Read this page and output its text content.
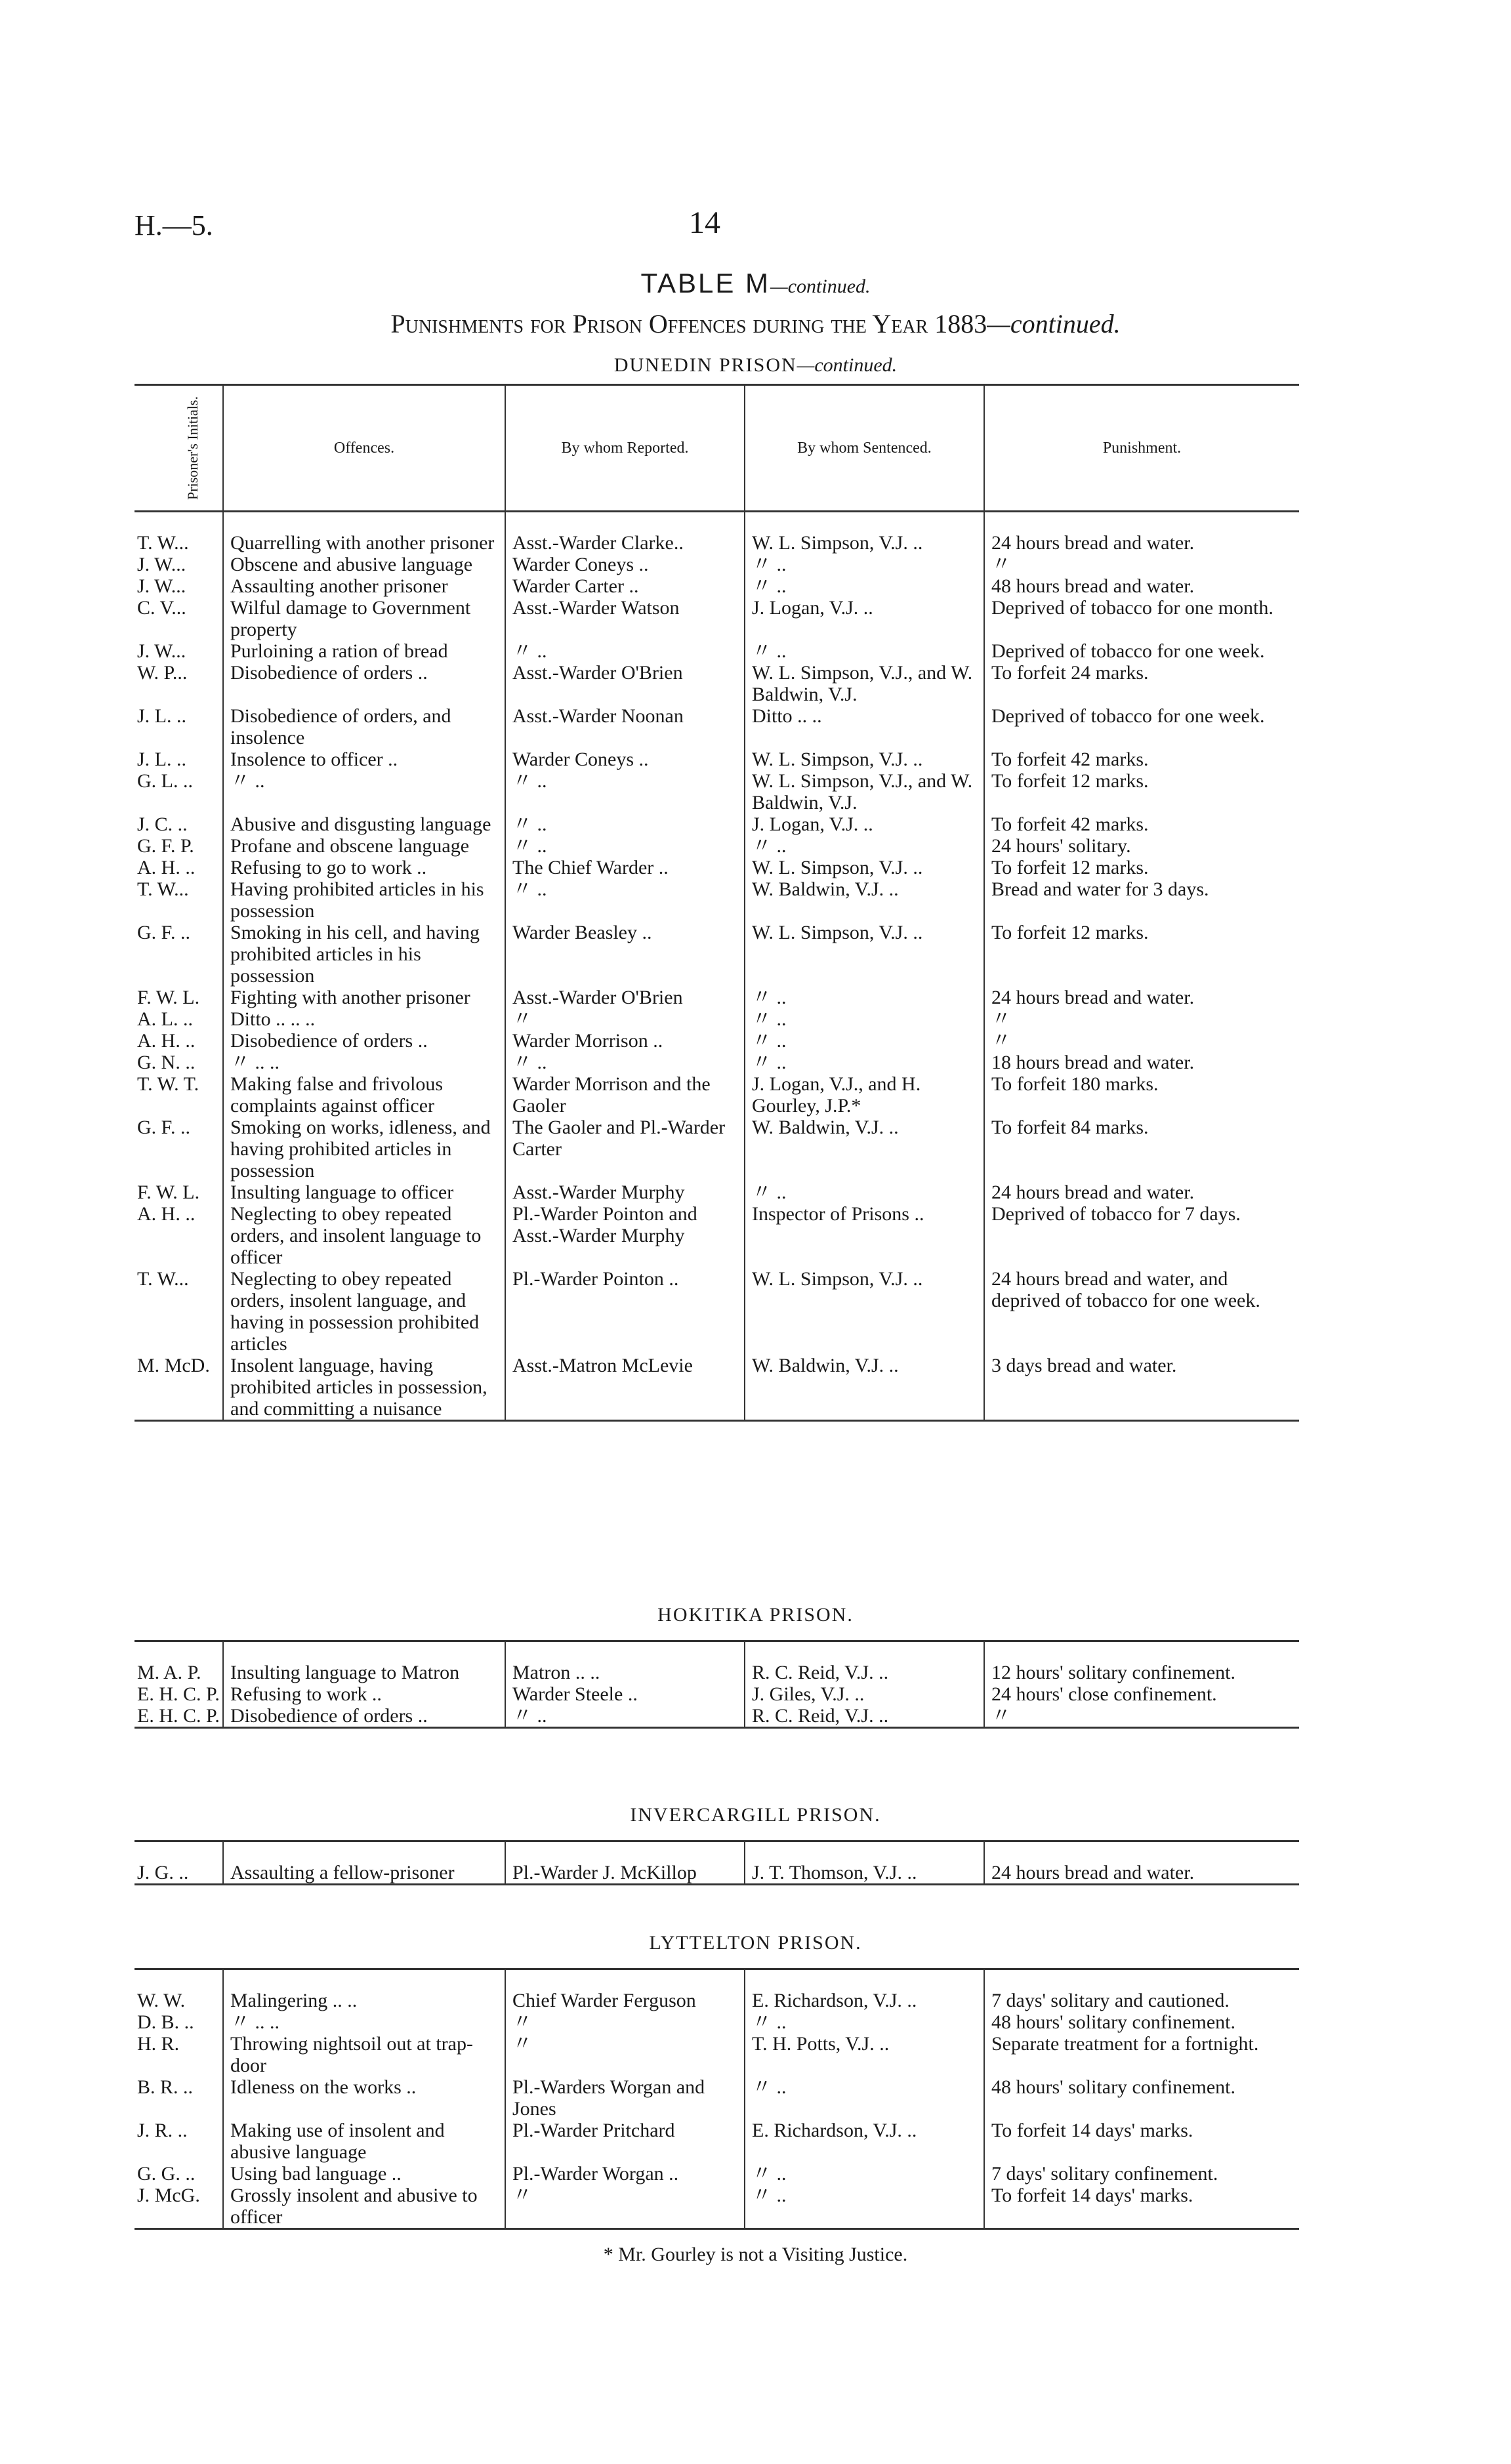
H.—5.	14
TABLE M—continued.
Punishments for Prison Offences during the Year 1883—continued.
DUNEDIN PRISON—continued.
Prisoner's Initials.	Offences.	By whom Reported.	By whom Sentenced.	Punishment.
T. W...	Quarrelling with another prisoner	Asst.-Warder Clarke..	W. L. Simpson, V.J. ..	24 hours bread and water.
J. W...	Obscene and abusive language	Warder Coneys ..	〃 ..	〃
J. W...	Assaulting another prisoner	Warder Carter ..	〃 ..	48 hours bread and water.
C. V...	Wilful damage to Government property	Asst.-Warder Watson	J. Logan, V.J. ..	Deprived of tobacco for one month.
J. W...	Purloining a ration of bread	〃 ..	〃 ..	Deprived of tobacco for one week.
W. P...	Disobedience of orders ..	Asst.-Warder O'Brien	W. L. Simpson, V.J., and W. Baldwin, V.J.	To forfeit 24 marks.
J. L. ..	Disobedience of orders, and insolence	Asst.-Warder Noonan	Ditto .. ..	Deprived of tobacco for one week.
J. L. ..	Insolence to officer ..	Warder Coneys ..	W. L. Simpson, V.J. ..	To forfeit 42 marks.
G. L. ..	〃 ..	〃 ..	W. L. Simpson, V.J., and W. Baldwin, V.J.	To forfeit 12 marks.
J. C. ..	Abusive and disgusting language	〃 ..	J. Logan, V.J. ..	To forfeit 42 marks.
G. F. P.	Profane and obscene language	〃 ..	〃 ..	24 hours' solitary.
A. H. ..	Refusing to go to work ..	The Chief Warder ..	W. L. Simpson, V.J. ..	To forfeit 12 marks.
T. W...	Having prohibited articles in his possession	〃 ..	W. Baldwin, V.J. ..	Bread and water for 3 days.
G. F. ..	Smoking in his cell, and having prohibited articles in his possession	Warder Beasley ..	W. L. Simpson, V.J. ..	To forfeit 12 marks.
F. W. L.	Fighting with another prisoner	Asst.-Warder O'Brien	〃 ..	24 hours bread and water.
A. L. ..	Ditto .. .. ..	〃	〃 ..	〃
A. H. ..	Disobedience of orders ..	Warder Morrison ..	〃 ..	〃
G. N. ..	〃 .. ..	〃 ..	〃 ..	18 hours bread and water.
T. W. T.	Making false and frivolous complaints against officer	Warder Morrison and the Gaoler	J. Logan, V.J., and H. Gourley, J.P.*	To forfeit 180 marks.
G. F. ..	Smoking on works, idleness, and having prohibited articles in possession	The Gaoler and Pl.-Warder Carter	W. Baldwin, V.J. ..	To forfeit 84 marks.
F. W. L.	Insulting language to officer	Asst.-Warder Murphy	〃 ..	24 hours bread and water.
A. H. ..	Neglecting to obey repeated orders, and insolent language to officer	Pl.-Warder Pointon and Asst.-Warder Murphy	Inspector of Prisons ..	Deprived of tobacco for 7 days.
T. W...	Neglecting to obey repeated orders, insolent language, and having in possession prohibited articles	Pl.-Warder Pointon ..	W. L. Simpson, V.J. ..	24 hours bread and water, and deprived of tobacco for one week.
M. McD.	Insolent language, having prohibited articles in possession, and committing a nuisance	Asst.-Matron McLevie	W. Baldwin, V.J. ..	3 days bread and water.
HOKITIKA PRISON.
M. A. P.	Insulting language to Matron	Matron .. ..	R. C. Reid, V.J. ..	12 hours' solitary confinement.
E. H. C. P.	Refusing to work ..	Warder Steele ..	J. Giles, V.J. ..	24 hours' close confinement.
E. H. C. P.	Disobedience of orders ..	〃 ..	R. C. Reid, V.J. ..	〃
INVERCARGILL PRISON.
J. G. ..	Assaulting a fellow-prisoner	Pl.-Warder J. McKillop	J. T. Thomson, V.J. ..	24 hours bread and water.
LYTTELTON PRISON.
W. W.	Malingering .. ..	Chief Warder Ferguson	E. Richardson, V.J. ..	7 days' solitary and cautioned.
D. B. ..	〃 .. ..	〃	〃 ..	48 hours' solitary confinement.
H. R.	Throwing nightsoil out at trap-door	〃	T. H. Potts, V.J. ..	Separate treatment for a fortnight.
B. R. ..	Idleness on the works ..	Pl.-Warders Worgan and Jones	〃 ..	48 hours' solitary confinement.
J. R. ..	Making use of insolent and abusive language	Pl.-Warder Pritchard	E. Richardson, V.J. ..	To forfeit 14 days' marks.
G. G. ..	Using bad language ..	Pl.-Warder Worgan ..	〃 ..	7 days' solitary confinement.
J. McG.	Grossly insolent and abusive to officer	〃	〃 ..	To forfeit 14 days' marks.
* Mr. Gourley is not a Visiting Justice.
